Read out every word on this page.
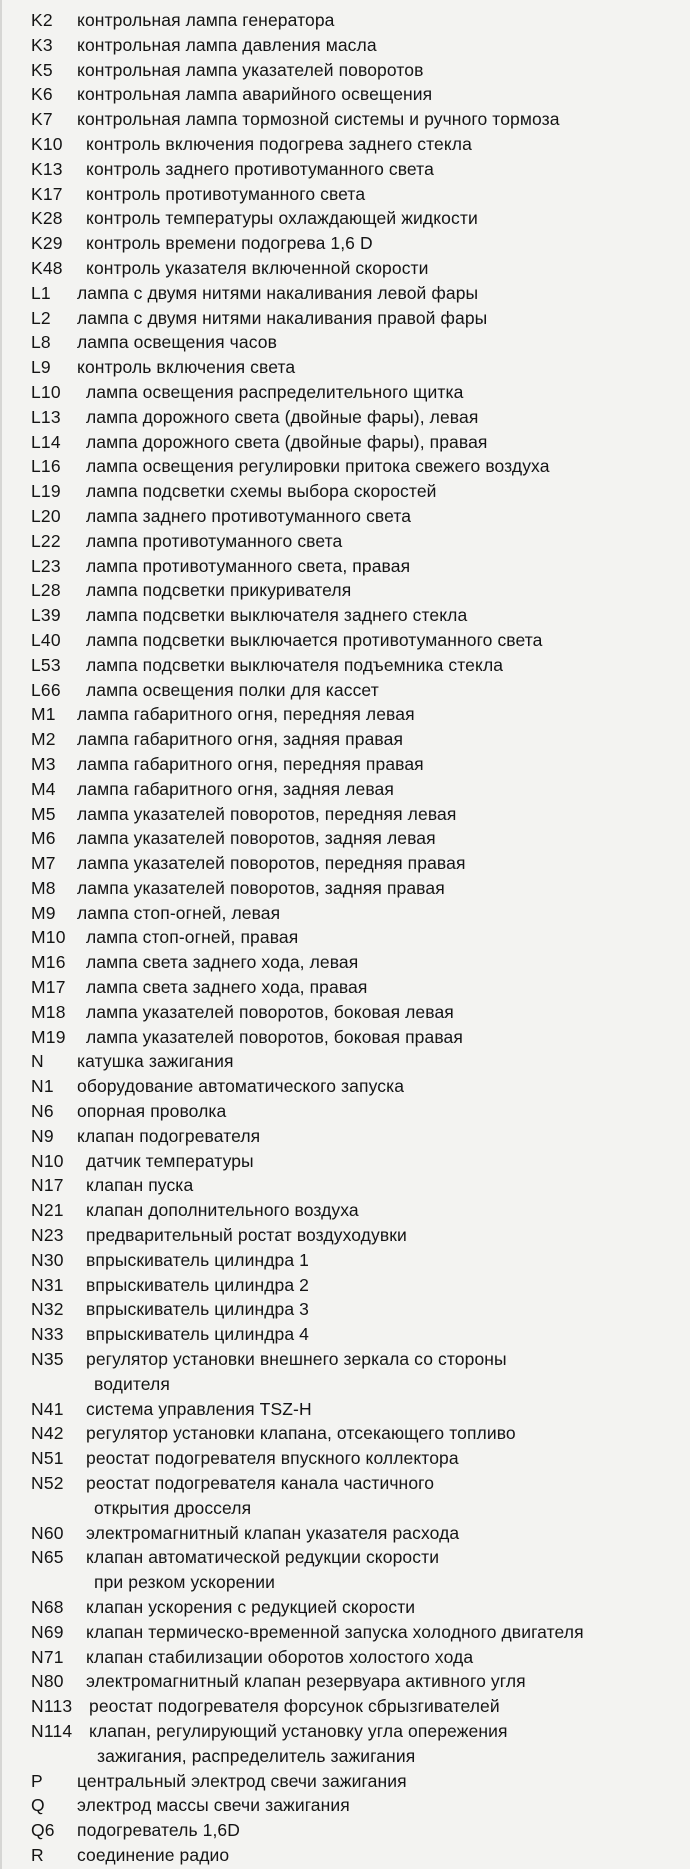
K2	контрольная лампа генератора
K3	контрольная лампа давления масла
K5	контрольная лампа указателей поворотов
K6	контрольная лампа аварийного освещения
K7	контрольная лампа тормозной системы и ручного тормоза
K10	контроль включения подогрева заднего стекла
K13	контроль заднего противотуманного света
K17	контроль противотуманного света
K28	контроль температуры охлаждающей жидкости
K29	контроль времени подогрева 1,6 D
K48	контроль указателя включенной скорости
L1	лампа с двумя нитями накаливания левой фары
L2	лампа с двумя нитями накаливания правой фары
L8	лампа освещения часов
L9	контроль включения света
L10	лампа освещения распределительного щитка
L13	лампа дорожного света (двойные фары), левая
L14	лампа дорожного света (двойные фары), правая
L16	лампа освещения регулировки притока свежего воздуха
L19	лампа подсветки схемы выбора скоростей
L20	лампа заднего противотуманного света
L22	лампа противотуманного света
L23	лампа противотуманного света, правая
L28	лампа подсветки прикуривателя
L39	лампа подсветки выключателя заднего стекла
L40	лампа подсветки выключается противотуманного света
L53	лампа подсветки выключателя подъемника стекла
L66	лампа освещения полки для кассет
M1	лампа габаритного огня, передняя левая
M2	лампа габаритного огня, задняя правая
M3	лампа габаритного огня, передняя правая
M4	лампа габаритного огня, задняя левая
M5	лампа указателей поворотов, передняя левая
M6	лампа указателей поворотов, задняя левая
M7	лампа указателей поворотов, передняя правая
M8	лампа указателей поворотов, задняя правая
M9	лампа стоп-огней, левая
M10	лампа стоп-огней, правая
M16	лампа света заднего хода, левая
M17	лампа света заднего хода, правая
M18	лампа указателей поворотов, боковая левая
M19	лампа указателей поворотов, боковая правая
N	катушка зажигания
N1	оборудование автоматического запуска
N6	опорная проволка
N9	клапан подогревателя
N10	датчик температуры
N17	клапан пуска
N21	клапан дополнительного воздуха
N23	предварительный ростат воздуходувки
N30	впрыскиватель цилиндра 1
N31	впрыскиватель цилиндра 2
N32	впрыскиватель цилиндра 3
N33	впрыскиватель цилиндра 4
N35	регулятор установки внешнего зеркала со стороны
водителя
N41	система управления TSZ-H
N42	регулятор установки клапана, отсекающего топливо
N51	реостат подогревателя впускного коллектора
N52	реостат подогревателя канала частичного
открытия дросселя
N60	электромагнитный клапан указателя расхода
N65	клапан автоматической редукции скорости
при резком ускорении
N68	клапан ускорения с редукцией скорости
N69	клапан термическо-временной запуска холодного двигателя
N71	клапан стабилизации оборотов холостого хода
N80	электромагнитный клапан резервуара активного угля
N113 реостат подогревателя форсунок сбрызгивателей
N114 клапан, регулирующий установку угла опережения
зажигания, распределитель зажигания
P	центральный электрод свечи зажигания
Q	электрод массы свечи зажигания
Q6	подогреватель 1,6D
R	соединение радио
